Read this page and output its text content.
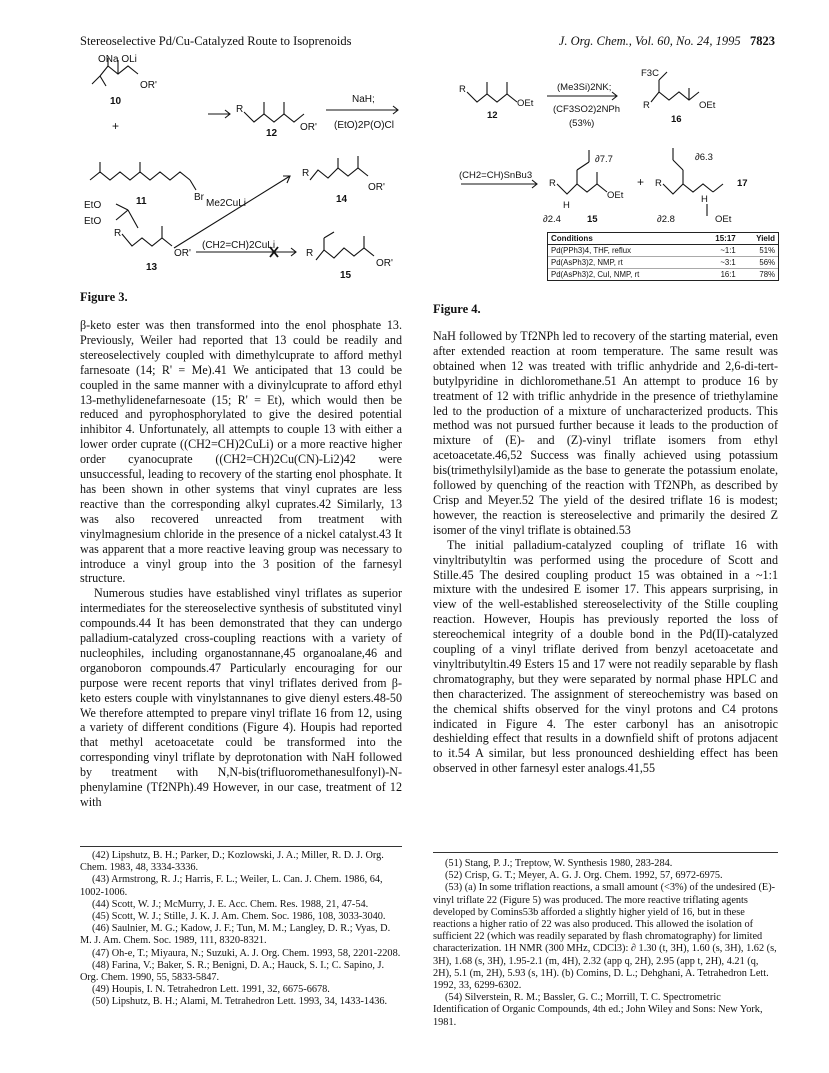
Stereoselective Pd/Cu-Catalyzed Route to Isoprenoids	J. Org. Chem., Vol. 60, No. 24, 1995 7823
ONa OLi
OR'
10
+
11	Br
R
OR'
12
NaH;
(EtO)2P(O)Cl
R
OR'
14
Me2CuLi
EtO
EtO
R
OR'
13
(CH2=CH)2CuLi
R
OR'
15
Figure 3.
R
OEt
12
(Me3Si)2NK;
(CF3SO2)2NPh
(53%)
F3C
R	OEt
16
(CH2=CH)SnBu3
∂7.7
R
OEt
H
∂2.4	15
+
∂6.3
R	17
H
∂2.8	OEt
Conditions	15:17	Yield
Pd(PPh3)4, THF, reflux	~1:1	51%
Pd(AsPh3)2, NMP, rt	~3:1	56%
Pd(AsPh3)2, CuI, NMP, rt	16:1	78%
Figure 4.

β-keto ester was then transformed into the enol phosphate 13. Previously, Weiler had reported that 13 could be readily and stereoselectively coupled with dimethylcuprate to afford methyl farnesoate (14; R' = Me).41 We anticipated that 13 could be coupled in the same manner with a divinylcuprate to afford ethyl 13-methylidenefarnesoate (15; R' = Et), which would then be reduced and pyrophosphorylated to give the desired potential inhibitor 4. Unfortunately, all attempts to couple 13 with either a lower order cuprate ((CH2=CH)2CuLi) or a more reactive higher order cyanocuprate ((CH2=CH)2Cu(CN)-Li2)42 were unsuccessful, leading to recovery of the starting enol phosphate. It has been shown in other systems that vinyl cuprates are less reactive than the corresponding alkyl cuprates.42 Similarly, 13 was also recovered unreacted from treatment with vinylmagnesium chloride in the presence of a nickel catalyst.43 It was apparent that a more reactive leaving group was necessary to introduce a vinyl group into the 3 position of the farnesyl structure.

Numerous studies have established vinyl triflates as superior intermediates for the stereoselective synthesis of substituted vinyl compounds.44 It has been demonstrated that they can undergo palladium-catalyzed cross-coupling reactions with a variety of nucleophiles, including organostannane,45 organoalane,46 and organoboron compounds.47 Particularly encouraging for our purpose were recent reports that vinyl triflates derived from β-keto esters couple with vinylstannanes to give dienyl esters.48-50 We therefore attempted to prepare vinyl triflate 16 from 12, using a variety of different conditions (Figure 4). Houpis had reported that methyl acetoacetate could be transformed into the corresponding vinyl triflate by deprotonation with NaH followed by treatment with N,N-bis(trifluoromethanesulfonyl)-N-phenylamine (Tf2NPh).49 However, in our case, treatment of 12 with

NaH followed by Tf2NPh led to recovery of the starting material, even after extended reaction at room temperature. The same result was obtained when 12 was treated with triflic anhydride and 2,6-di-tert-butylpyridine in dichloromethane.51 An attempt to produce 16 by treatment of 12 with triflic anhydride in the presence of triethylamine led to the production of a mixture of uncharacterized products. This method was not pursued further because it leads to the production of mixture of (E)- and (Z)-vinyl triflate isomers from ethyl acetoacetate.46,52 Success was finally achieved using potassium bis(trimethylsilyl)amide as the base to generate the potassium enolate, followed by quenching of the reaction with Tf2NPh, as described by Crisp and Meyer.52 The yield of the desired triflate 16 is modest; however, the reaction is stereoselective and primarily the desired Z isomer of the vinyl triflate is obtained.53

The initial palladium-catalyzed coupling of triflate 16 with vinyltributyltin was performed using the procedure of Scott and Stille.45 The desired coupling product 15 was obtained in a ~1:1 mixture with the undesired E isomer 17. This appears surprising, in view of the well-established stereoselectivity of the Stille coupling reaction. However, Houpis has previously reported the loss of stereochemical integrity of a double bond in the Pd(II)-catalyzed coupling of a vinyl triflate derived from benzyl acetoacetate and vinyltributyltin.49 Esters 15 and 17 were not readily separable by flash chromatography, but they were separated by normal phase HPLC and then characterized. The assignment of stereochemistry was based on the chemical shifts observed for the vinyl protons and C4 protons indicated in Figure 4. The ester carbonyl has an anisotropic deshielding effect that results in a downfield shift of protons adjacent to it.54 A similar, but less pronounced deshielding effect has been observed in other farnesyl ester analogs.41,55

(42) Lipshutz, B. H.; Parker, D.; Kozlowski, J. A.; Miller, R. D. J. Org. Chem. 1983, 48, 3334-3336.
(43) Armstrong, R. J.; Harris, F. L.; Weiler, L. Can. J. Chem. 1986, 64, 1002-1006.
(44) Scott, W. J.; McMurry, J. E. Acc. Chem. Res. 1988, 21, 47-54.
(45) Scott, W. J.; Stille, J. K. J. Am. Chem. Soc. 1986, 108, 3033-3040.
(46) Saulnier, M. G.; Kadow, J. F.; Tun, M. M.; Langley, D. R.; Vyas, D. M. J. Am. Chem. Soc. 1989, 111, 8320-8321.
(47) Oh-e, T.; Miyaura, N.; Suzuki, A. J. Org. Chem. 1993, 58, 2201-2208.
(48) Farina, V.; Baker, S. R.; Benigni, D. A.; Hauck, S. I.; C. Sapino, J. Org. Chem. 1990, 55, 5833-5847.
(49) Houpis, I. N. Tetrahedron Lett. 1991, 32, 6675-6678.
(50) Lipshutz, B. H.; Alami, M. Tetrahedron Lett. 1993, 34, 1433-1436.
(51) Stang, P. J.; Treptow, W. Synthesis 1980, 283-284.
(52) Crisp, G. T.; Meyer, A. G. J. Org. Chem. 1992, 57, 6972-6975.
(53) (a) In some triflation reactions, a small amount (<3%) of the undesired (E)-vinyl triflate 22 (Figure 5) was produced. The more reactive triflating agents developed by Comins53b afforded a slightly higher yield of 16, but in these reactions a higher ratio of 22 was also produced. This allowed the isolation of sufficient 22 (which was readily separated by flash chromatography) for limited characterization. 1H NMR (300 MHz, CDCl3): ∂ 1.30 (t, 3H), 1.60 (s, 3H), 1.62 (s, 3H), 1.68 (s, 3H), 1.95-2.1 (m, 4H), 2.32 (app q, 2H), 2.95 (app t, 2H), 4.21 (q, 2H), 5.1 (m, 2H), 5.93 (s, 1H). (b) Comins, D. L.; Dehghani, A. Tetrahedron Lett. 1992, 33, 6299-6302.
(54) Silverstein, R. M.; Bassler, G. C.; Morrill, T. C. Spectrometric Identification of Organic Compounds, 4th ed.; John Wiley and Sons: New York, 1981.
